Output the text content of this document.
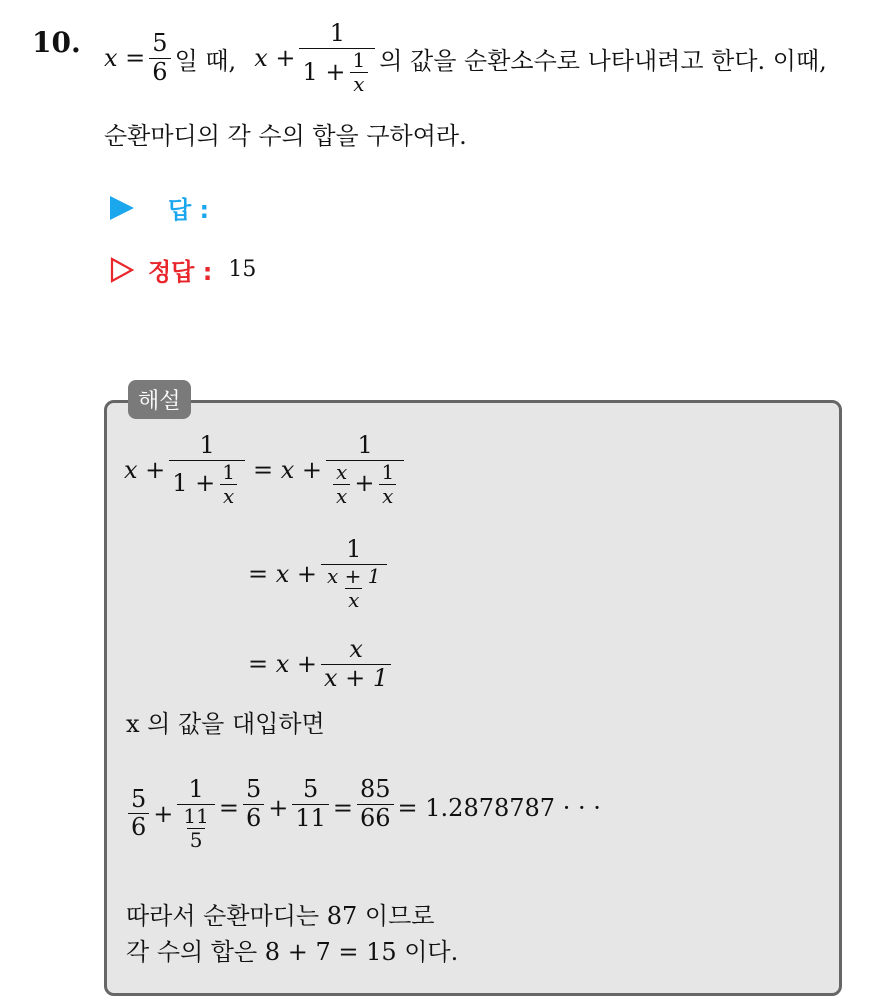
10. $x = \frac{5}{6}$ 일 때, $x + \frac{1}{1 + \frac{1}{x}}$ 의 값을 순환소수로 나타내려고 한다. 이때,
순환마디의 각 수의 합을 구하여라.
답 :
정답 : 15
해설
$x + \frac{1}{1 + \frac{1}{x}} = x + \frac{1}{\frac{x}{x} + \frac{1}{x}}$
= $x + \frac{1}{\frac{x + 1}{x}}$
= $x + \frac{x}{x + 1}$
x 의 값을 대입하면
$\frac{5}{6} + \frac{1}{\frac{11}{5}} = \frac{5}{6} + \frac{5}{11} = \frac{85}{66} = 1.2878787$ · · ·
따라서 순환마디는 87 이므로
각 수의 합은 8 + 7 = 15 이다.
